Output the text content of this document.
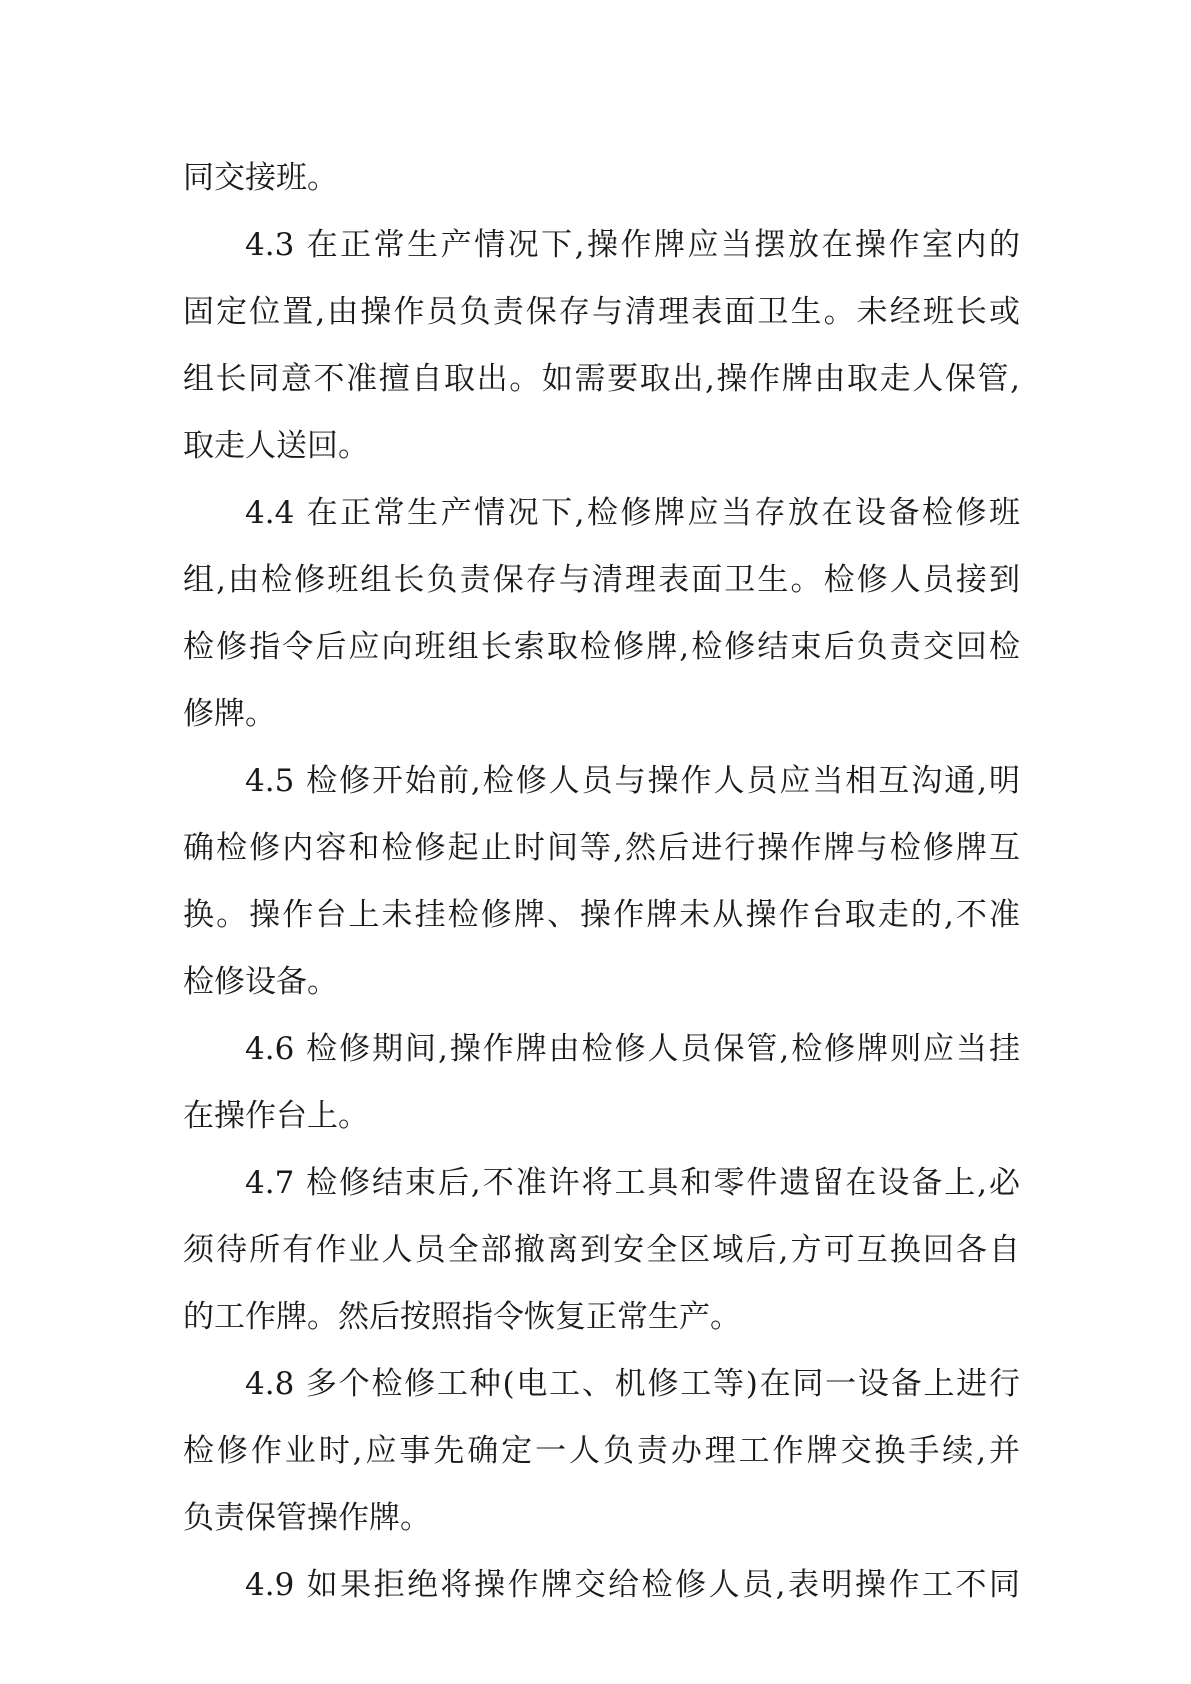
同交接班。
4.3 在正常生产情况下,操作牌应当摆放在操作室内的
固定位置,由操作员负责保存与清理表面卫生。未经班长或
组长同意不准擅自取出。如需要取出,操作牌由取走人保管,
取走人送回。
4.4 在正常生产情况下,检修牌应当存放在设备检修班
组,由检修班组长负责保存与清理表面卫生。检修人员接到
检修指令后应向班组长索取检修牌,检修结束后负责交回检
修牌。
4.5 检修开始前,检修人员与操作人员应当相互沟通,明
确检修内容和检修起止时间等,然后进行操作牌与检修牌互
换。操作台上未挂检修牌、操作牌未从操作台取走的,不准
检修设备。
4.6 检修期间,操作牌由检修人员保管,检修牌则应当挂
在操作台上。
4.7 检修结束后,不准许将工具和零件遗留在设备上,必
须待所有作业人员全部撤离到安全区域后,方可互换回各自
的工作牌。然后按照指令恢复正常生产。
4.8 多个检修工种(电工、机修工等)在同一设备上进行
检修作业时,应事先确定一人负责办理工作牌交换手续,并
负责保管操作牌。
4.9 如果拒绝将操作牌交给检修人员,表明操作工不同
